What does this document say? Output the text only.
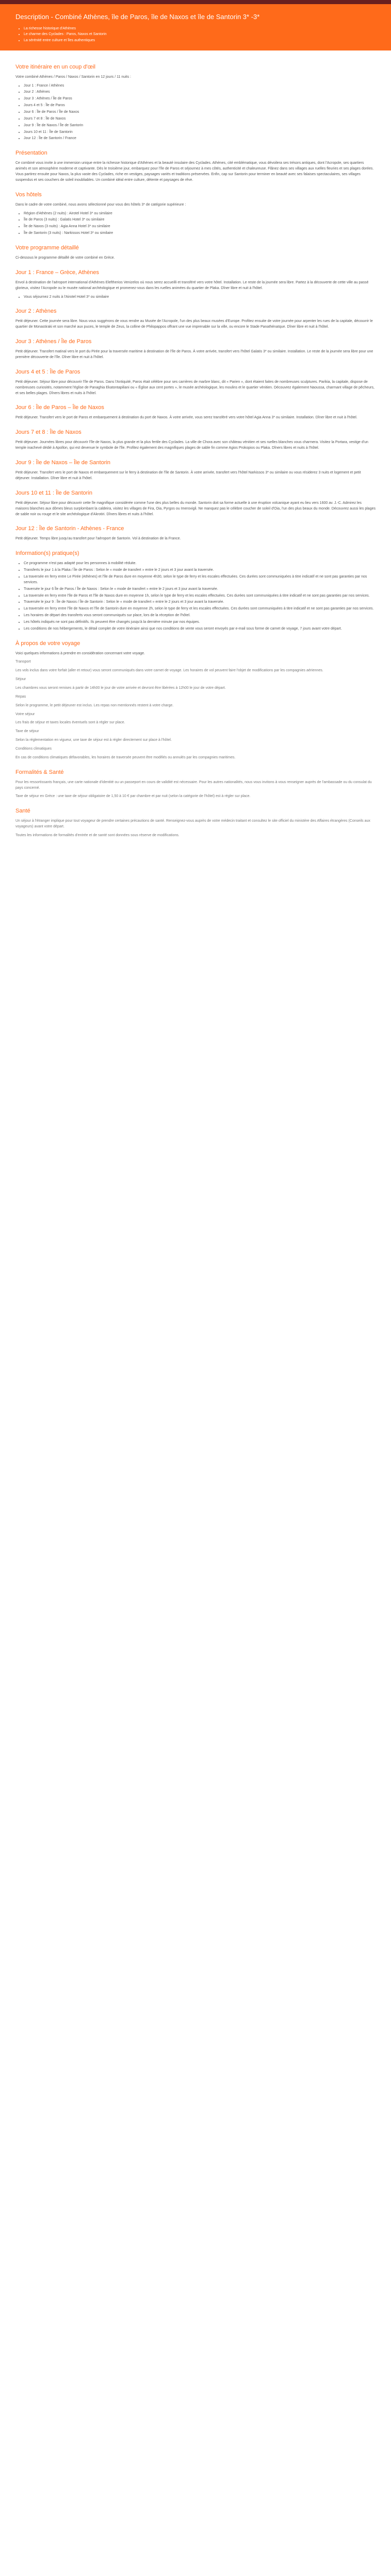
Description - Combiné Athènes, île de Paros, île de Naxos et île de Santorin 3* -3*
• La richesse historique d'Athènes
• Le charme des Cyclades : Paros, Naxos et Santorin
• La sérénité entre culture et îles authentiques
Votre itinéraire en un coup d'œil

Votre combiné Athènes / Paros / Naxos / Santorin en 12 jours / 11 nuits :

• Jour 1 : France / Athènes
• Jour 2 : Athènes
• Jour 3 : Athènes / Île de Paros
• Jours 4 et 5 : Île de Paros
• Jour 6 : Île de Paros / Île de Naxos
• Jours 7 et 8 : Île de Naxos
• Jour 9 : Île de Naxos / Île de Santorin
• Jours 10 et 11 : Île de Santorin
• Jour 12 : Île de Santorin / France
Présentation

Ce combiné vous invite à une immersion unique entre la richesse historique d'Athènes et la beauté insulaire des Cyclades. Athènes, cité emblématique, vous dévoilera ses trésors antiques, dont l'Acropole, ses quartiers animés et son atmosphère moderne et captivante. Dès le troisième jour, embarquez pour l'île de Paros et séjournez à mes côtés, authenticité et chaleureuse. Flânez dans ses villages aux ruelles fleuries et ses plages dorées. Vous partirez ensuite pour Naxos, la plus vaste des Cyclades, riche en vestiges, paysages variés et traditions préservées. Enfin, cap sur Santorin pour terminer en beauté avec ses falaises spectaculaires, ses villages suspendus et ses couchers de soleil inoubliables. Un combiné idéal entre culture, détente et paysages de rêve.

Vos hôtels

Dans le cadre de votre combiné, nous avons sélectionné pour vous des hôtels 3* de catégorie supérieure :

• Région d'Athènes (2 nuits) : Airotel Hotel 3* ou similaire
• Île de Paros (3 nuits) : Galatis Hotel 3* ou similaire
• Île de Naxos (3 nuits) : Agia Anna Hotel 3* ou similaire
• Île de Santorin (3 nuits) : Narkissos Hotel 3* ou similaire
Votre programme détaillé

Ci-dessous le programme détaillé de votre combiné en Grèce.

Jour 1 : France – Grèce, Athènes

Envol à destination de l'aéroport international d'Athènes Eleftherios Venizelos où nous serez accueilli et transféré vers votre hôtel. Installation. Le reste de la journée sera libre. Partez à la découverte de cette ville au passé glorieux, visitez l'Acropole ou le musée national archéologique et promenez-vous dans les ruelles animées du quartier de Plaka. Dîner libre et nuit à l'hôtel.

• Vous séjournez 2 nuits à l'Airotel Hotel 3* ou similaire
Jour 2 : Athènes

Petit déjeuner. Cette journée sera libre. Nous vous suggérons de vous rendre au Musée de l'Acropole, l'un des plus beaux musées d'Europe. Profitez ensuite de votre journée pour arpenter les rues de la capitale, découvrir le quartier de Monastiraki et son marché aux puces, le temple de Zeus, la colline de Philopappos offrant une vue imprenable sur la ville, ou encore le Stade Panathénaïque. Dîner libre et nuit à l'hôtel.

Jour 3 : Athènes / Île de Paros

Petit déjeuner. Transfert matinal vers le port du Pirée pour la traversée maritime à destination de l'île de Paros. À votre arrivée, transfert vers l'hôtel Galatis 3* ou similaire. Installation. Le reste de la journée sera libre pour une première découverte de l'île. Dîner libre et nuit à l'hôtel.

Jours 4 et 5 : Île de Paros

Petit déjeuner. Séjour libre pour découvrir l'île de Paros. Dans l'Antiquité, Paros était célèbre pour ses carrières de marbre blanc, dit « Parien », dont étaient faites de nombreuses sculptures. Parikia, la capitale, dispose de nombreuses curiosités, notamment l'église de Panaghia Ekatontapiliani ou « Église aux cent portes », le musée archéologique, les moulins et le quartier vénitien. Découvrez également Naoussa, charmant village de pêcheurs, et ses belles plages. Dîners libres et nuits à l'hôtel.

Jour 6 : Île de Paros – Île de Naxos

Petit déjeuner. Transfert vers le port de Paros et embarquement à destination du port de Naxos. À votre arrivée, vous serez transféré vers votre hôtel Agia Anna 3* ou similaire. Installation. Dîner libre et nuit à l'hôtel.

Jours 7 et 8 : Île de Naxos

Petit déjeuner. Journées libres pour découvrir l'île de Naxos, la plus grande et la plus fertile des Cyclades. La ville de Chora avec son château vénitien et ses ruelles blanches vous charmera. Visitez la Portara, vestige d'un temple inachevé dédié à Apollon, qui est devenue le symbole de l'île. Profitez également des magnifiques plages de sable fin comme Agios Prokopios ou Plaka. Dîners libres et nuits à l'hôtel.

Jour 9 : Île de Naxos – Île de Santorin

Petit déjeuner. Transfert vers le port de Naxos et embarquement sur le ferry à destination de l'île de Santorin. À votre arrivée, transfert vers l'hôtel Narkissos 3* ou similaire ou vous résiderez 3 nuits et logement et petit déjeuner. Installation. Dîner libre et nuit à l'hôtel.

Jours 10 et 11 : Île de Santorin

Petit déjeuner. Séjour libre pour découvrir cette île magnifique considérée comme l'une des plus belles du monde. Santorin doit sa forme actuelle à une éruption volcanique ayant eu lieu vers 1600 av. J.-C. Admirez les maisons blanches aux dômes bleus surplombant la caldeira, visitez les villages de Fira, Oia, Pyrgos ou Imerovigli. Ne manquez pas le célèbre coucher de soleil d'Oia, l'un des plus beaux du monde. Découvrez aussi les plages de sable noir ou rouge et le site archéologique d'Akrotiri. Dîners libres et nuits à l'hôtel.

Jour 12 : Île de Santorin - Athènes - France

Petit déjeuner. Temps libre jusqu'au transfert pour l'aéroport de Santorin. Vol à destination de la France.

Information(s) pratique(s)
• Ce programme n'est pas adapté pour les personnes à mobilité réduite.
• Transferts le jour 1 à la Plaka / Île de Paros : Selon le « mode de transfert » entre le 2 jours et 3 jour avant la traversée.
• La traversée en ferry entre Le Pirée (Athènes) et l'île de Paros dure en moyenne 4h30, selon le type de ferry et les escales effectuées. Ces durées sont communiquées à titre indicatif et ne sont pas garanties par nos services.
• Traversée le jour 6 Île de Paros / Île de Naxos : Selon le « mode de transfert » entre le 2 jours et 3 jour avant la traversée.
• La traversée en ferry entre l'île de Paros et l'île de Naxos dure en moyenne 1h, selon le type de ferry et les escales effectuées. Ces durées sont communiquées à titre indicatif et ne sont pas garanties par nos services.
• Traversée le jour 9 : Île de Naxos / Île de Santorin : Selon le « mode de transfert » entre le 2 jours et 3 jour avant la traversée.
• La traversée en ferry entre l'île de Naxos et l'île de Santorin dure en moyenne 2h, selon le type de ferry et les escales effectuées. Ces durées sont communiquées à titre indicatif et ne sont pas garanties par nos services.
• Les horaires de départ des transferts vous seront communiqués sur place, lors de la réception de l'hôtel.
• Les hôtels indiqués ne sont pas définitifs. Ils peuvent être changés jusqu'à la dernière minute par nos équipes.
• Les conditions de nos hébergements, le détail complet de votre itinéraire ainsi que nos conditions de vente vous seront envoyés par e-mail sous forme de carnet de voyage, 7 jours avant votre départ.
À propos de votre voyage

Voici quelques informations à prendre en considération concernant votre voyage.

Transport

Les vols inclus dans votre forfait (aller et retour) vous seront communiqués dans votre carnet de voyage. Les horaires de vol peuvent faire l'objet de modifications par les compagnies aériennes.

Séjour

Les chambres vous seront remises à partir de 14h00 le jour de votre arrivée et devront être libérées à 12h00 le jour de votre départ.

Repas

Selon le programme, le petit déjeuner est inclus. Les repas non mentionnés restent à votre charge.

Votre séjour

Les frais de séjour et taxes locales éventuels sont à régler sur place.

Taxe de séjour

Selon la réglementation en vigueur, une taxe de séjour est à régler directement sur place à l'hôtel.

Conditions climatiques

En cas de conditions climatiques défavorables, les horaires de traversée peuvent être modifiés ou annulés par les compagnies maritimes.

Formalités & Santé

Pour les ressortissants français, une carte nationale d'identité ou un passeport en cours de validité est nécessaire. Pour les autres nationalités, nous vous invitons à vous renseigner auprès de l'ambassade ou du consulat du pays concerné.

Taxe de séjour en Grèce : une taxe de séjour obligatoire de 1,50 à 10 € par chambre et par nuit (selon la catégorie de l'hôtel) est à régler sur place.

Santé

Un séjour à l'étranger implique pour tout voyageur de prendre certaines précautions de santé. Renseignez-vous auprès de votre médecin traitant et consultez le site officiel du ministère des Affaires étrangères (Conseils aux voyageurs) avant votre départ.

Toutes les informations de formalités d'entrée et de santé sont données sous réserve de modifications.
